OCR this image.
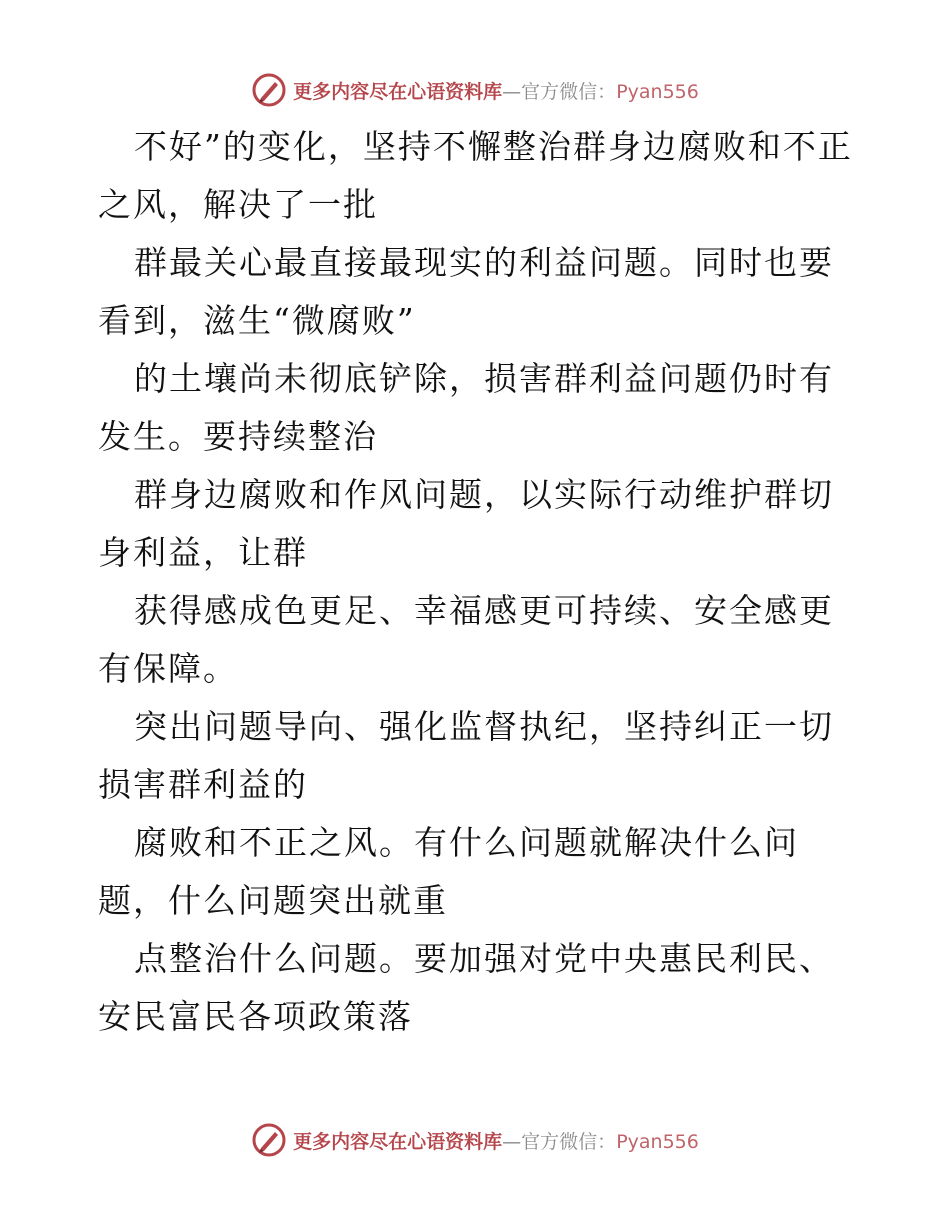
更多内容尽在心语资料库—官方微信：Pyan556

不好”的变化，坚持不懈整治群身边腐败和不正之风，解决了一批

群最关心最直接最现实的利益问题。同时也要看到，滋生“微腐败”

的土壤尚未彻底铲除，损害群利益问题仍时有发生。要持续整治

群身边腐败和作风问题，以实际行动维护群切身利益，让群

获得感成色更足、幸福感更可持续、安全感更有保障。

突出问题导向、强化监督执纪，坚持纠正一切损害群利益的

腐败和不正之风。有什么问题就解决什么问题，什么问题突出就重

点整治什么问题。要加强对党中央惠民利民、安民富民各项政策落

更多内容尽在心语资料库—官方微信：Pyan556
